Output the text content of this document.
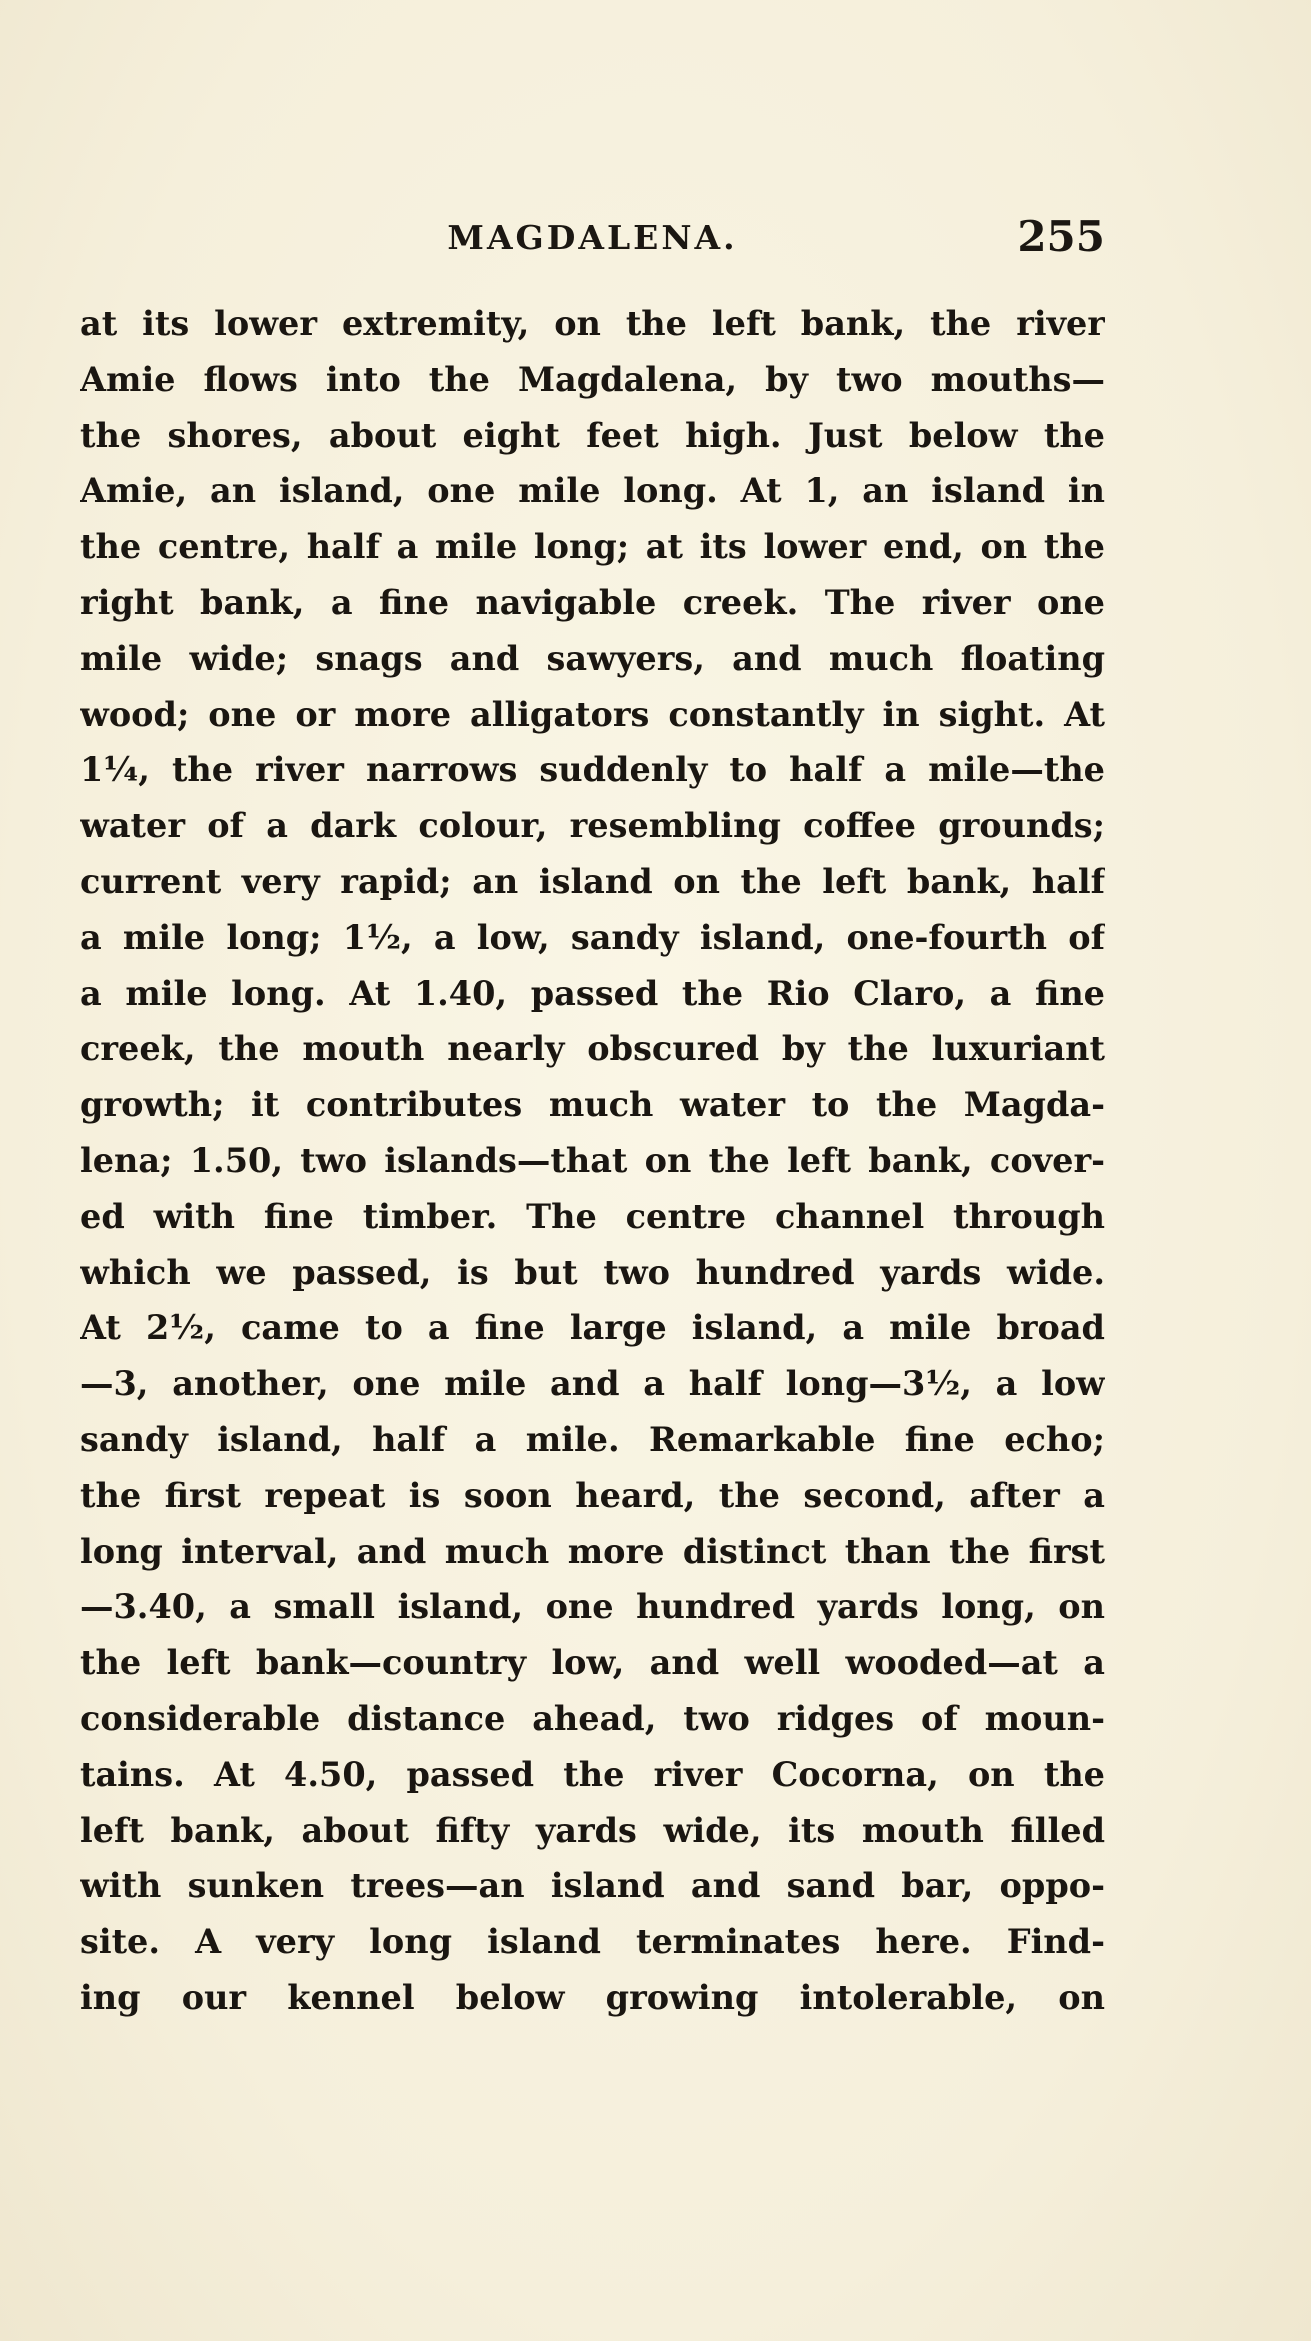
MAGDALENA.	255
at its lower extremity, on the left bank, the river
Amie flows into the Magdalena, by two mouths—
the shores, about eight feet high. Just below the
Amie, an island, one mile long. At 1, an island in
the centre, half a mile long; at its lower end, on the
right bank, a fine navigable creek. The river one
mile wide; snags and sawyers, and much floating
wood; one or more alligators constantly in sight. At
1¼, the river narrows suddenly to half a mile—the
water of a dark colour, resembling coffee grounds;
current very rapid; an island on the left bank, half
a mile long; 1½, a low, sandy island, one-fourth of
a mile long. At 1.40, passed the Rio Claro, a fine
creek, the mouth nearly obscured by the luxuriant
growth; it contributes much water to the Magda-
lena; 1.50, two islands—that on the left bank, cover-
ed with fine timber. The centre channel through
which we passed, is but two hundred yards wide.
At 2½, came to a fine large island, a mile broad
—3, another, one mile and a half long—3½, a low
sandy island, half a mile. Remarkable fine echo;
the first repeat is soon heard, the second, after a
long interval, and much more distinct than the first
—3.40, a small island, one hundred yards long, on
the left bank—country low, and well wooded—at a
considerable distance ahead, two ridges of moun-
tains. At 4.50, passed the river Cocorna, on the
left bank, about fifty yards wide, its mouth filled
with sunken trees—an island and sand bar, oppo-
site. A very long island terminates here. Find-
ing our kennel below growing intolerable, on
